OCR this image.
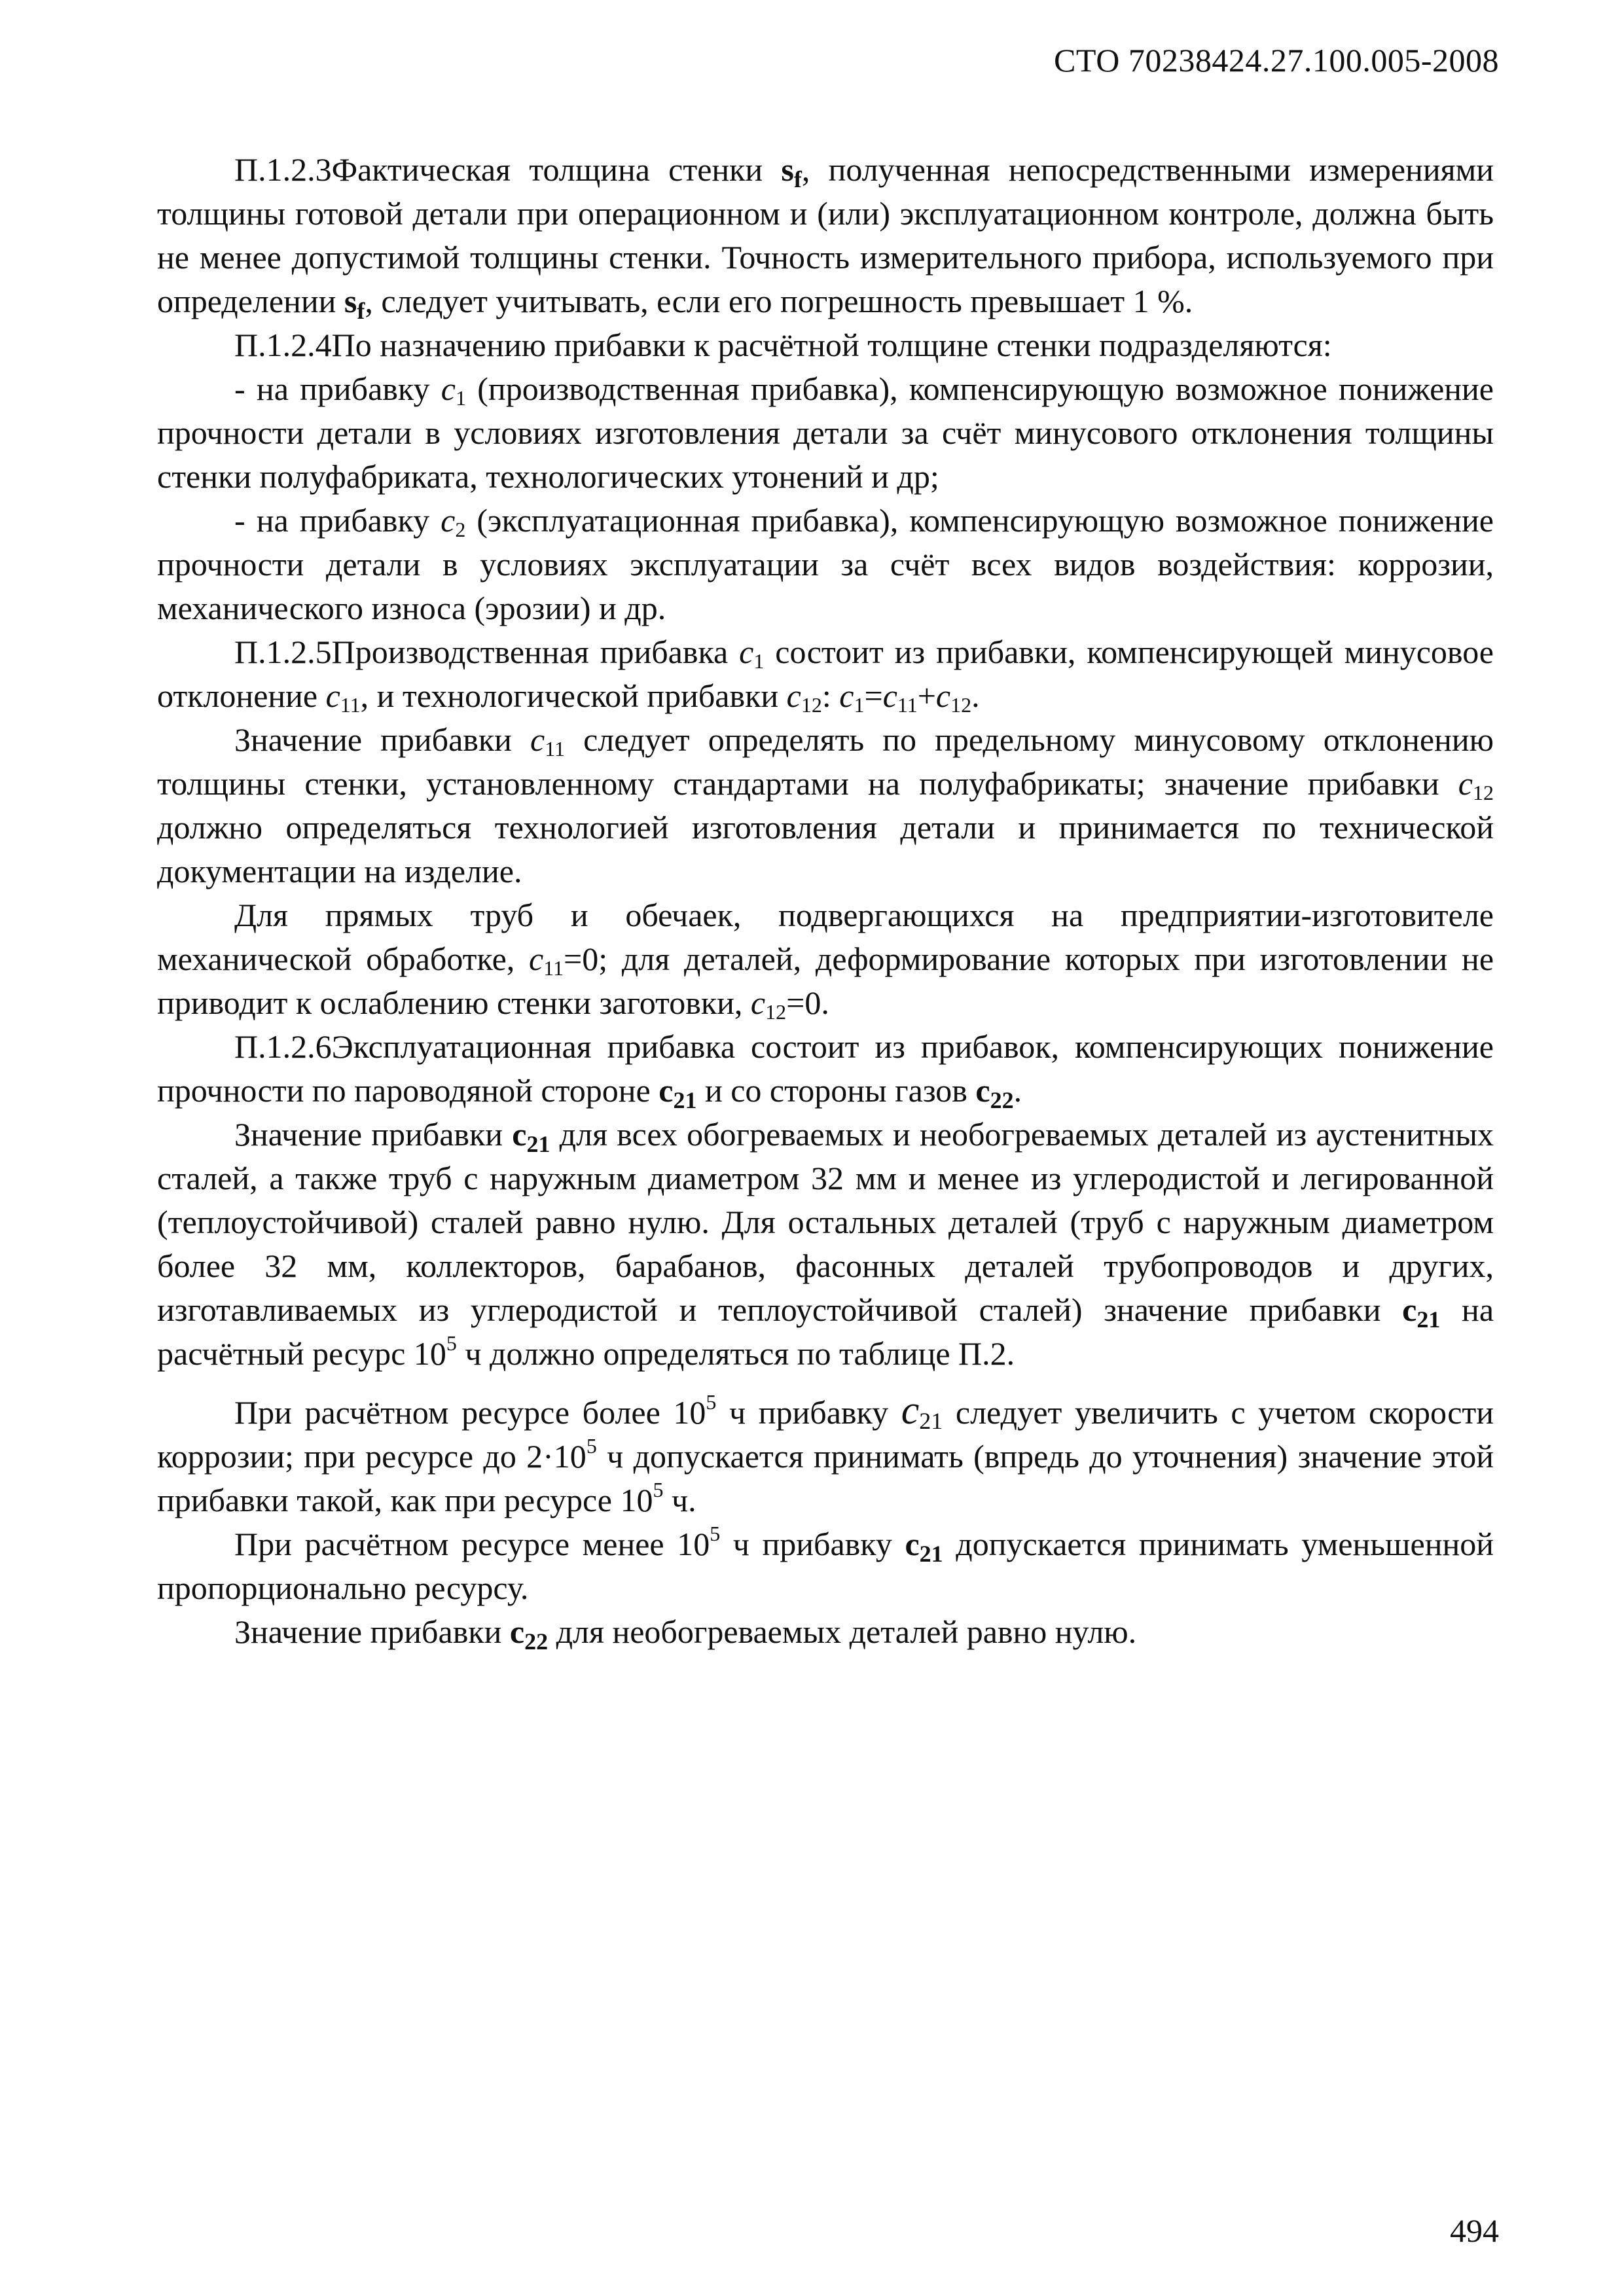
СТО 70238424.27.100.005-2008

П.1.2.3Фактическая толщина стенки $s_f$, полученная непосредственными измерениями толщины готовой детали при операционном и (или) эксплуатационном контроле, должна быть не менее допустимой толщины стенки. Точность измерительного прибора, используемого при определении $s_f$, следует учитывать, если его погрешность превышает 1 %.

П.1.2.4По назначению прибавки к расчётной толщине стенки подразделяются:

- на прибавку $c_1$ (производственная прибавка), компенсирующую возможное понижение прочности детали в условиях изготовления детали за счёт минусового отклонения толщины стенки полуфабриката, технологических утонений и др;

- на прибавку $c_2$ (эксплуатационная прибавка), компенсирующую возможное понижение прочности детали в условиях эксплуатации за счёт всех видов воздействия: коррозии, механического износа (эрозии) и др.

П.1.2.5Производственная прибавка $c_1$ состоит из прибавки, компенсирующей минусовое отклонение $c_{11}$, и технологической прибавки $c_{12}$: $c_1=c_{11}+c_{12}$.

Значение прибавки $c_{11}$ следует определять по предельному минусовому отклонению толщины стенки, установленному стандартами на полуфабрикаты; значение прибавки $c_{12}$ должно определяться технологией изготовления детали и принимается по технической документации на изделие.

Для прямых труб и обечаек, подвергающихся на предприятии-изготовителе механической обработке, $c_{11}=0$; для деталей, деформирование которых при изготовлении не приводит к ослаблению стенки заготовки, $c_{12}=0$.

П.1.2.6Эксплуатационная прибавка состоит из прибавок, компенсирующих понижение прочности по пароводяной стороне $c_{21}$ и со стороны газов $c_{22}$.

Значение прибавки $c_{21}$ для всех обогреваемых и необогреваемых деталей из аустенитных сталей, а также труб с наружным диаметром 32 мм и менее из углеродистой и легированной (теплоустойчивой) сталей равно нулю. Для остальных деталей (труб с наружным диаметром более 32 мм, коллекторов, барабанов, фасонных деталей трубопроводов и других, изготавливаемых из углеродистой и теплоустойчивой сталей) значение прибавки $c_{21}$ на расчётный ресурс $10^5$ ч должно определяться по таблице П.2.

При расчётном ресурсе более $10^5$ ч прибавку $c_{21}$ следует увеличить с учетом скорости коррозии; при ресурсе до $2\cdot 10^5$ ч допускается принимать (впредь до уточнения) значение этой прибавки такой, как при ресурсе $10^5$ ч.

При расчётном ресурсе менее $10^5$ ч прибавку $c_{21}$ допускается принимать уменьшенной пропорционально ресурсу.

Значение прибавки $c_{22}$ для необогреваемых деталей равно нулю.

494
